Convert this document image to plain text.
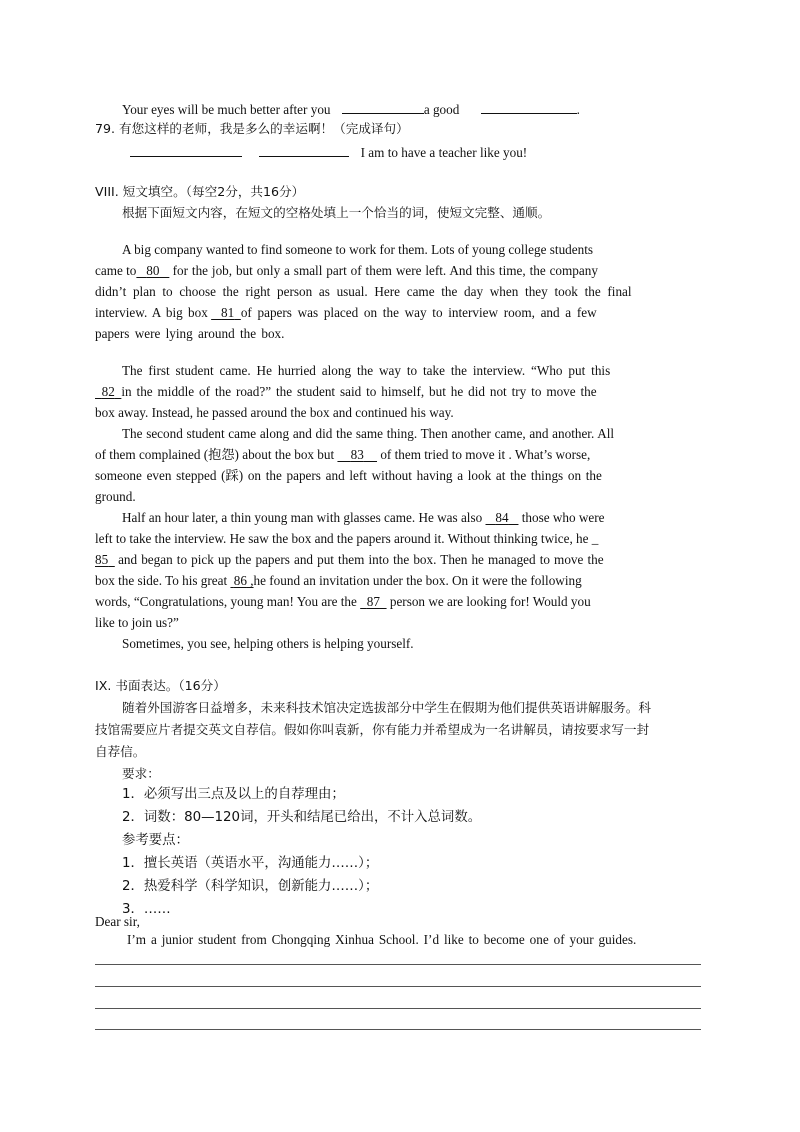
Your eyes will be much better after you	a good	.
79. 有您这样的老师，我是多么的幸运啊！（完成译句）
I am to have a teacher like you!
VIII. 短文填空。（每空2分，共16分）
根据下面短文内容，在短文的空格处填上一个恰当的词，使短文完整、通顺。
A big company wanted to find someone to work for them. Lots of young college students
came to 80 for the job, but only a small part of them were left. And this time, the company
didn’t plan to choose the right person as usual. Here came the day when they took the final
interview. A big box 81 of papers was placed on the way to interview room, and a few
papers were lying around the box.
The first student came. He hurried along the way to take the interview. “Who put this
82 in the middle of the road?” the student said to himself, but he did not try to move the
box away. Instead, he passed around the box and continued his way.
The second student came along and did the same thing. Then another came, and another. All
of them complained (抱怨) about the box but 83 of them tried to move it . What’s worse,
someone even stepped (踩) on the papers and left without having a look at the things on the
ground.
Half an hour later, a thin young man with glasses came. He was also 84 those who were
left to take the interview. He saw the box and the papers around it. Without thinking twice, he _
85 and began to pick up the papers and put them into the box. Then he managed to move the
box the side. To his great 86 ,he found an invitation under the box. On it were the following
words, “Congratulations, young man! You are the 87 person we are looking for! Would you
like to join us?”
Sometimes, you see, helping others is helping yourself.
IX. 书面表达。（16分）
随着外国游客日益增多，未来科技术馆决定选拔部分中学生在假期为他们提供英语讲解服务。科
技馆需要应片者提交英文自荐信。假如你叫袁新，你有能力并希望成为一名讲解员，请按要求写一封
自荐信。
要求：
1．必须写出三点及以上的自荐理由；
2．词数：80—120词，开头和结尾已给出，不计入总词数。
参考要点：
1．擅长英语（英语水平，沟通能力……）；
2．热爱科学（科学知识，创新能力……）；
3．……
Dear sir,
I’m a junior student from Chongqing Xinhua School. I’d like to become one of your guides.
